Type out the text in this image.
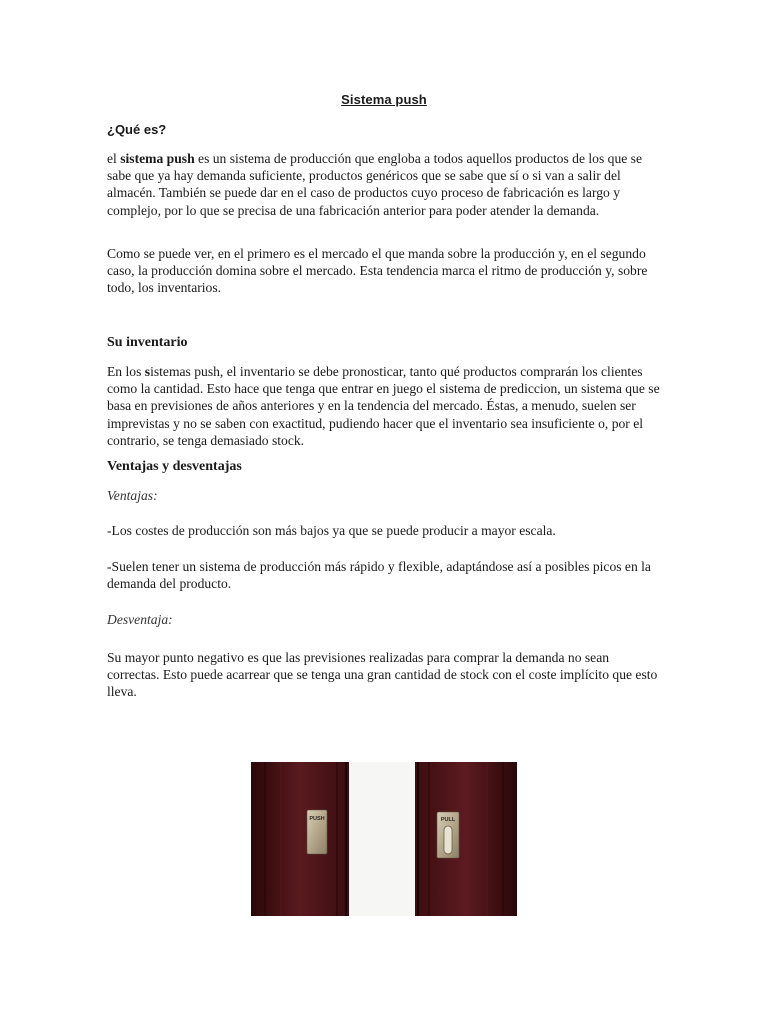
Sistema push
¿Qué es?

el sistema push es un sistema de producción que engloba a todos aquellos productos de los que se sabe que ya hay demanda suficiente, productos genéricos que se sabe que sí o si van a salir del almacén. También se puede dar en el caso de productos cuyo proceso de fabricación es largo y complejo, por lo que se precisa de una fabricación anterior para poder atender la demanda.

Como se puede ver, en el primero es el mercado el que manda sobre la producción y, en el segundo caso, la producción domina sobre el mercado. Esta tendencia marca el ritmo de producción y, sobre todo, los inventarios.

Su inventario

En los sistemas push, el inventario se debe pronosticar, tanto qué productos comprarán los clientes como la cantidad. Esto hace que tenga que entrar en juego el sistema de prediccion, un sistema que se basa en previsiones de años anteriores y en la tendencia del mercado. Éstas, a menudo, suelen ser imprevistas y no se saben con exactitud, pudiendo hacer que el inventario sea insuficiente o, por el contrario, se tenga demasiado stock.

Ventajas y desventajas
Ventajas:

-Los costes de producción son más bajos ya que se puede producir a mayor escala.

-Suelen tener un sistema de producción más rápido y flexible, adaptándose así a posibles picos en la demanda del producto.

Desventaja:

Su mayor punto negativo es que las previsiones realizadas para comprar la demanda no sean correctas. Esto puede acarrear que se tenga una gran cantidad de stock con el coste implícito que esto lleva.

PUSH	PULL
